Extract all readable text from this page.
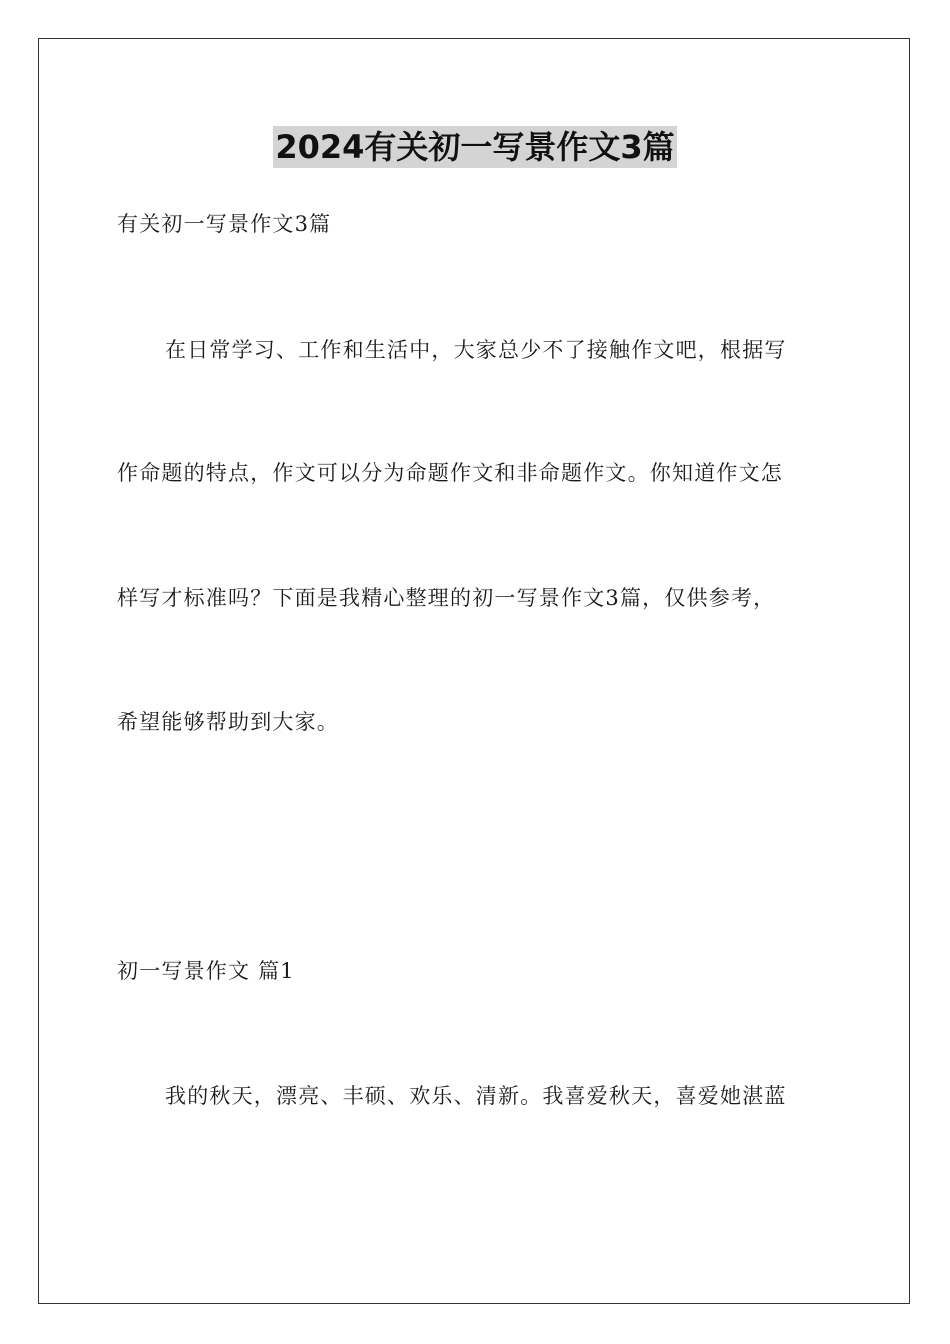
2024有关初一写景作文3篇
有关初一写景作文3篇
在日常学习、工作和生活中，大家总少不了接触作文吧，根据写
作命题的特点，作文可以分为命题作文和非命题作文。你知道作文怎
样写才标准吗？下面是我精心整理的初一写景作文3篇，仅供参考，
希望能够帮助到大家。
初一写景作文 篇1
我的秋天，漂亮、丰硕、欢乐、清新。我喜爱秋天，喜爱她湛蓝
